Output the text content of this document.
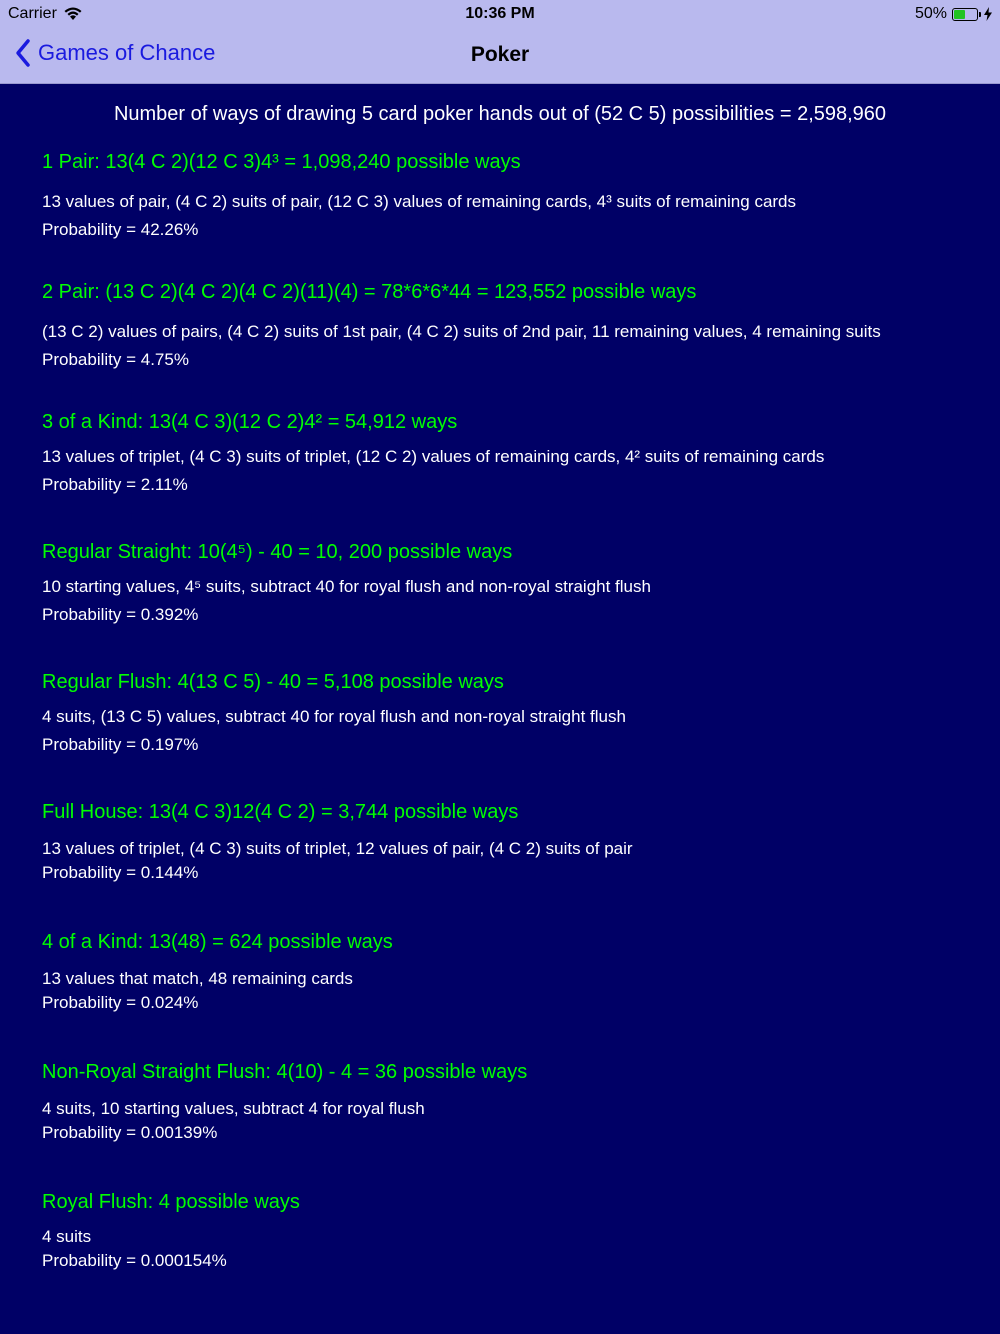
Carrier	10:36 PM	50%
Games of Chance	Poker
Number of ways of drawing 5 card poker hands out of (52 C 5) possibilities = 2,598,960
1 Pair: 13(4 C 2)(12 C 3)4³ = 1,098,240 possible ways
13 values of pair, (4 C 2) suits of pair, (12 C 3) values of remaining cards, 4³ suits of remaining cards
Probability = 42.26%
2 Pair: (13 C 2)(4 C 2)(4 C 2)(11)(4) = 78*6*6*44 = 123,552 possible ways
(13 C 2) values of pairs, (4 C 2) suits of 1st pair, (4 C 2) suits of 2nd pair, 11 remaining values, 4 remaining suits
Probability = 4.75%
3 of a Kind: 13(4 C 3)(12 C 2)4² = 54,912 ways
13 values of triplet, (4 C 3) suits of triplet, (12 C 2) values of remaining cards, 4² suits of remaining cards
Probability = 2.11%
Regular Straight: 10(4⁵) - 40 = 10, 200 possible ways
10 starting values, 4⁵ suits, subtract 40 for royal flush and non-royal straight flush
Probability = 0.392%
Regular Flush: 4(13 C 5) - 40 = 5,108 possible ways
4 suits, (13 C 5) values, subtract 40 for royal flush and non-royal straight flush
Probability = 0.197%
Full House: 13(4 C 3)12(4 C 2) = 3,744 possible ways
13 values of triplet, (4 C 3) suits of triplet, 12 values of pair, (4 C 2) suits of pair
Probability = 0.144%
4 of a Kind: 13(48) = 624 possible ways
13 values that match, 48 remaining cards
Probability = 0.024%
Non-Royal Straight Flush: 4(10) - 4 = 36 possible ways
4 suits, 10 starting values, subtract 4 for royal flush
Probability = 0.00139%
Royal Flush: 4 possible ways
4 suits
Probability = 0.000154%
